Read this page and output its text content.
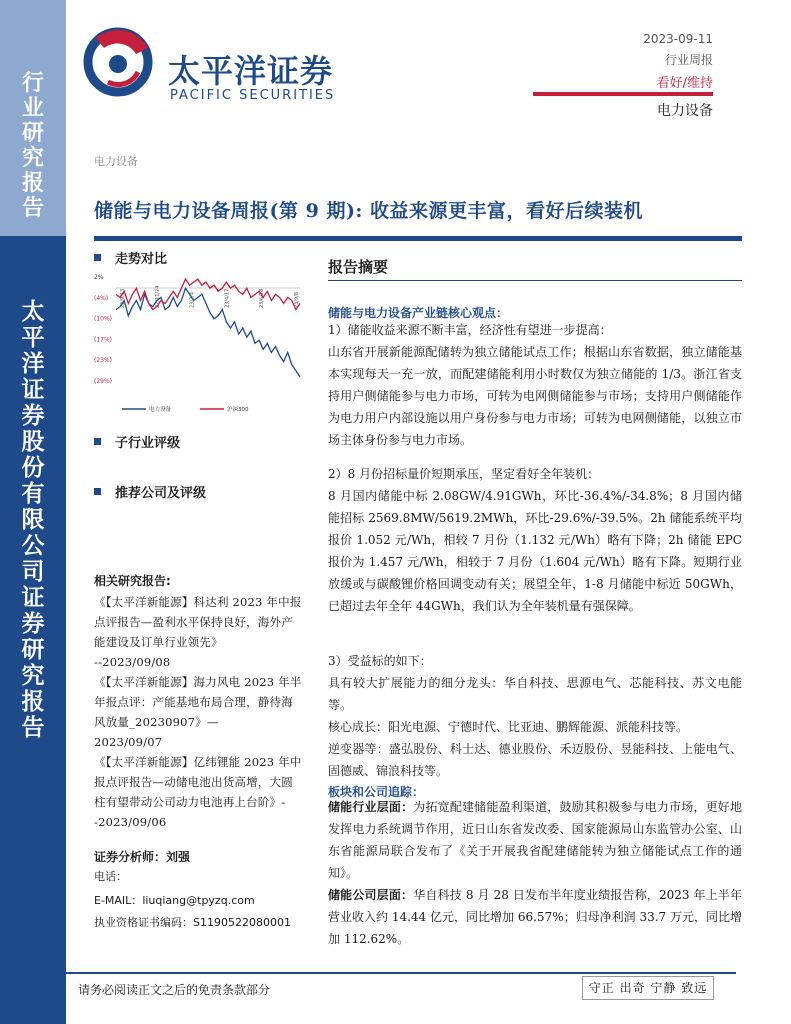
行
业
研
究
报
告
太
平
洋
证
券
股
份
有
限
公
司
证
券
研
究
报
告
太平洋证券
PACIFIC SECURITIES
2023-09-11
行业周报
看好/维持
电力设备
电力设备
储能与电力设备周报(第 9 期): 收益来源更丰富，看好后续装机
走势对比
2%
(4%)
(10%)
(17%)
(23%)
(29%)
22/9/13	22/11/24	23/2/4	23/4/17	23/6/28	23/9/8
电力设备	沪深300
子行业评级
推荐公司及评级
相关研究报告:

《【太平洋新能源】科达利 2023 年中报点评报告—盈利水平保持良好，海外产能建设及订单行业领先》

--2023/09/08

《【太平洋新能源】海力风电 2023 年半年报点评：产能基地布局合理，静待海风放量_20230907》—

2023/09/07

《【太平洋新能源】亿纬锂能 2023 年中报点评报告—动储电池出货高增，大圆柱有望带动公司动力电池再上台阶》--2023/09/06

证券分析师：刘强
电话：
E-MAIL：liuqiang@tpyzq.com
执业资格证书编码：S1190522080001
报告摘要
储能与电力设备产业链核心观点：

1）储能收益来源不断丰富，经济性有望进一步提高：

山东省开展新能源配储转为独立储能试点工作；根据山东省数据，独立储能基本实现每天一充一放，而配建储能利用小时数仅为独立储能的 1/3。浙江省支持用户侧储能参与电力市场，可转为电网侧储能参与市场；支持用户侧储能作为电力用户内部设施以用户身份参与电力市场；可转为电网侧储能，以独立市场主体身份参与电力市场。

2）8 月份招标量价短期承压，坚定看好全年装机：

8 月国内储能中标 2.08GW/4.91GWh，环比-36.4%/-34.8%；8 月国内储能招标 2569.8MW/5619.2MWh，环比-29.6%/-39.5%。2h 储能系统平均报价 1.052 元/Wh，相较 7 月份（1.132 元/Wh）略有下降；2h 储能 EPC 报价为 1.457 元/Wh，相较于 7 月份（1.604 元/Wh）略有下降。短期行业放缓或与碳酸锂价格回调变动有关；展望全年，1-8 月储能中标近 50GWh，已超过去年全年 44GWh，我们认为全年装机量有强保障。

3）受益标的如下：

具有较大扩展能力的细分龙头：华自科技、思源电气、芯能科技、苏文电能等。

核心成长：阳光电源、宁德时代、比亚迪、鹏辉能源、派能科技等。

逆变器等：盛弘股份、科士达、德业股份、禾迈股份、昱能科技、上能电气、固德威、锦浪科技等。

板块和公司追踪：

储能行业层面：为拓宽配建储能盈利渠道，鼓励其积极参与电力市场，更好地发挥电力系统调节作用，近日山东省发改委、国家能源局山东监管办公室、山东省能源局联合发布了《关于开展我省配建储能转为独立储能试点工作的通知》。

储能公司层面：华自科技 8 月 28 日发布半年度业绩报告称，2023 年上半年营业收入约 14.44 亿元，同比增加 66.57%；归母净利润 33.7 万元，同比增加 112.62%。

请务必阅读正文之后的免责条款部分	守正 出奇 宁静 致远
